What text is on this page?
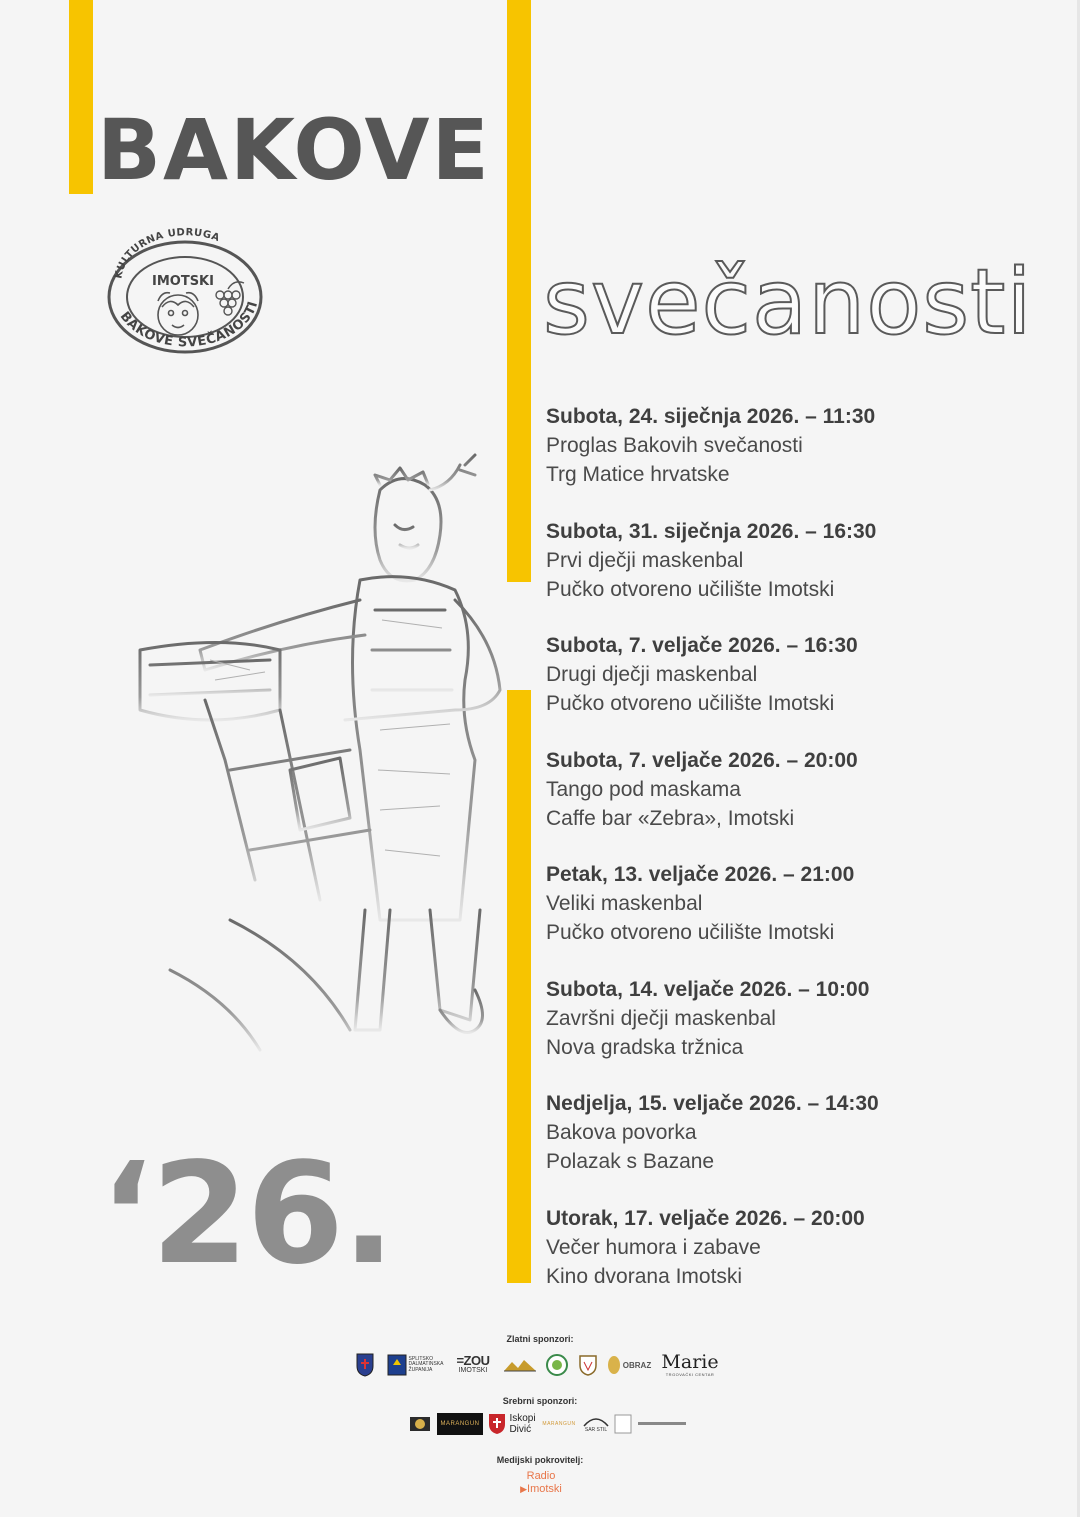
BAKOVE
svečanosti
KULTURNA UDRUGA
BAKOVE SVEČANOSTI
IMOTSKI
‘26.
Subota, 24. siječnja 2026. – 11:30
Proglas Bakovih svečanosti
Trg Matice hrvatske
Subota, 31. siječnja 2026. – 16:30
Prvi dječji maskenbal
Pučko otvoreno učilište Imotski
Subota, 7. veljače 2026. – 16:30
Drugi dječji maskenbal
Pučko otvoreno učilište Imotski
Subota, 7. veljače 2026. – 20:00
Tango pod maskama
Caffe bar «Zebra», Imotski
Petak, 13. veljače 2026. – 21:00
Veliki maskenbal
Pučko otvoreno učilište Imotski
Subota, 14. veljače 2026. – 10:00
Završni dječji maskenbal
Nova gradska tržnica
Nedjelja, 15. veljače 2026. – 14:30
Bakova povorka
Polazak s Bazane
Utorak, 17. veljače 2026. – 20:00
Večer humora i zabave
Kino dvorana Imotski
Zlatni sponzori:
SPLITSKO
DALMATINSKA
ŽUPANIJA
=ZOU
IMOTSKI
OBRAZ Marie
TRGOVAČKI CENTAR
Srebrni sponzori:
MARANGUN	Iskopi
Divić	MARANGUN
SAR STIL
Medijski pokrovitelj:
Radio
▶Imotski
